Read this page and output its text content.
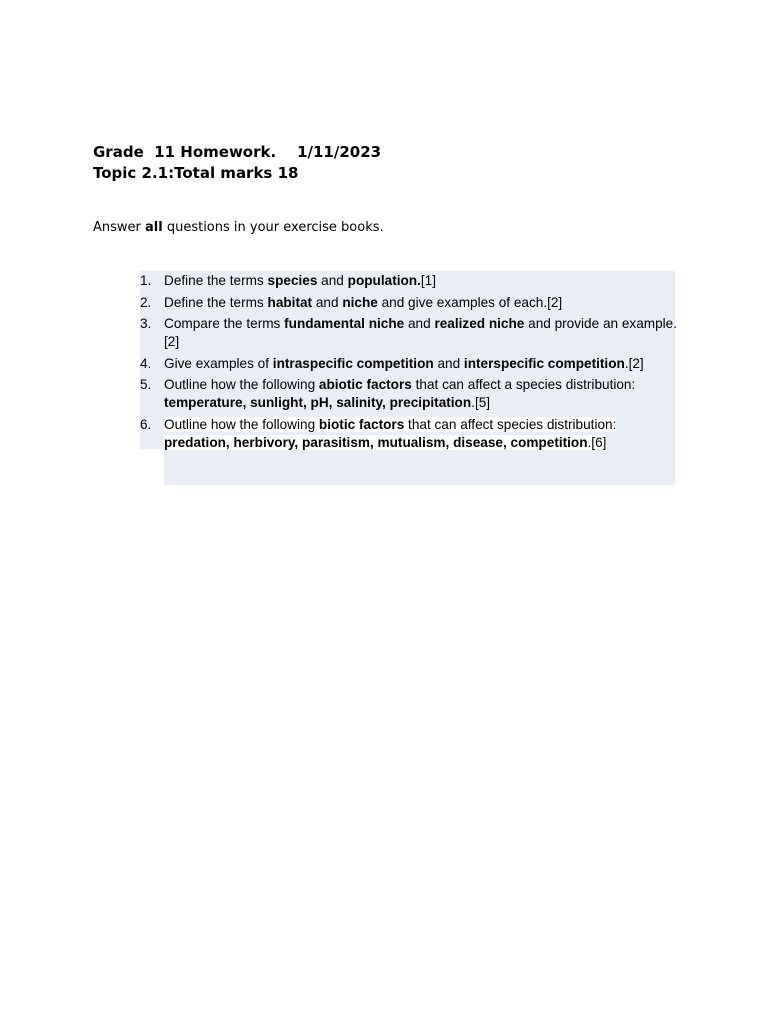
Grade  11 Homework.    1/11/2023
Topic 2.1:Total marks 18
Answer all questions in your exercise books.
1. Define the terms species and population.[1]
2. Define the terms habitat and niche and give examples of each.[2]
3. Compare the terms fundamental niche and realized niche and provide an example.[2]
4. Give examples of intraspecific competition and interspecific competition.[2]
5. Outline how the following abiotic factors that can affect a species distribution: temperature, sunlight, pH, salinity, precipitation.[5]
6. Outline how the following biotic factors that can affect species distribution: predation, herbivory, parasitism, mutualism, disease, competition.[6]
